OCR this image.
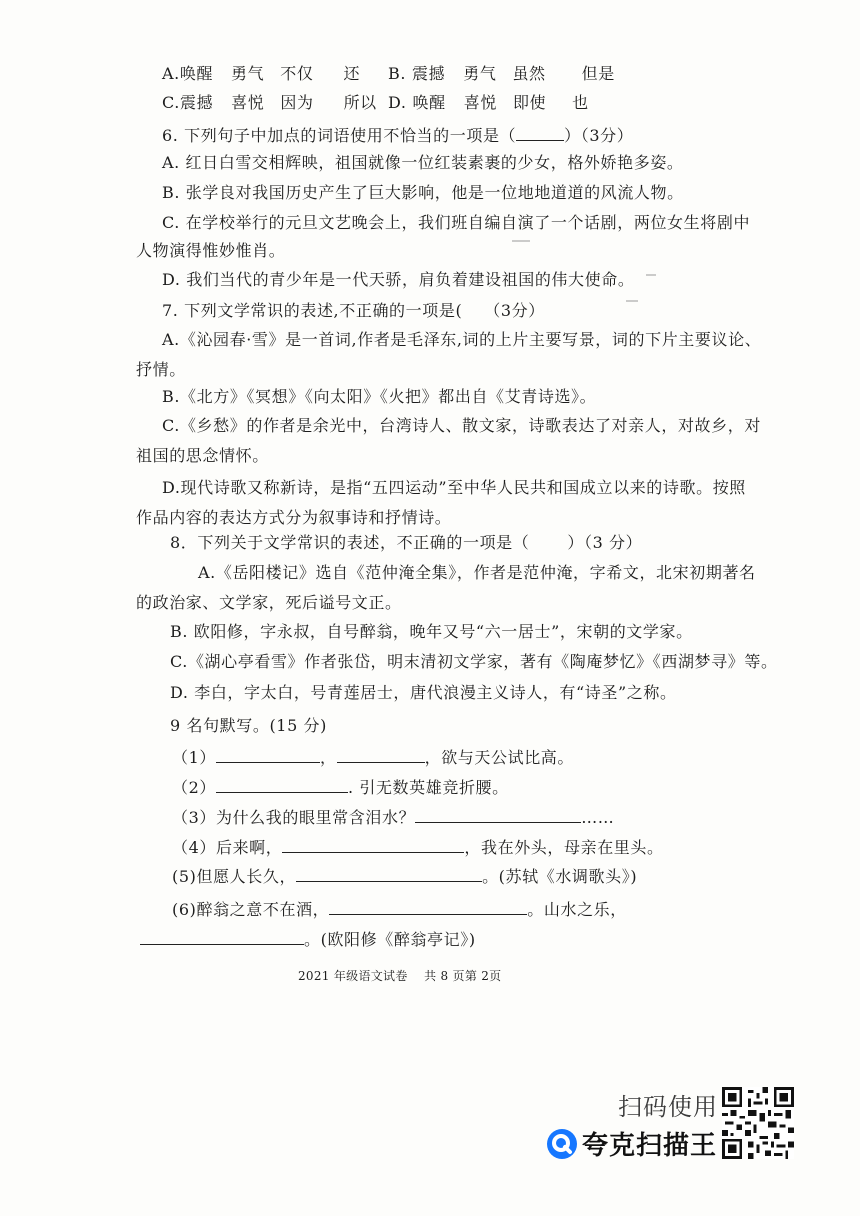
A.唤醒 勇气 不仅 还 B. 震撼 勇气 虽然 但是
C.震撼 喜悦 因为 所以 D. 唤醒 喜悦 即使 也
6. 下列句子中加点的词语使用不恰当的一项是（	）（3分）
A. 红日白雪交相辉映，祖国就像一位红装素裹的少女，格外娇艳多姿。
B. 张学良对我国历史产生了巨大影响，他是一位地地道道的风流人物。
C. 在学校举行的元旦文艺晚会上，我们班自编自演了一个话剧，两位女生将剧中
人物演得惟妙惟肖。
D. 我们当代的青少年是一代天骄，肩负着建设祖国的伟大使命。
7. 下列文学常识的表述,不正确的一项是( （3分）
A.《沁园春·雪》是一首词,作者是毛泽东,词的上片主要写景，词的下片主要议论、
抒情。
B.《北方》《冥想》《向太阳》《火把》都出自《艾青诗选》。
C.《乡愁》的作者是余光中，台湾诗人、散文家，诗歌表达了对亲人，对故乡，对
祖国的思念情怀。
D.现代诗歌又称新诗，是指“五四运动”至中华人民共和国成立以来的诗歌。按照
作品内容的表达方式分为叙事诗和抒情诗。
8．下列关于文学常识的表述，不正确的一项是（ ）（3 分）
A.《岳阳楼记》选自《范仲淹全集》，作者是范仲淹，字希文，北宋初期著名
的政治家、文学家，死后谥号文正。
B. 欧阳修，字永叔，自号醉翁，晚年又号“六一居士”，宋朝的文学家。
C.《湖心亭看雪》作者张岱，明末清初文学家，著有《陶庵梦忆》《西湖梦寻》等。
D. 李白，字太白，号青莲居士，唐代浪漫主义诗人，有“诗圣”之称。
9 名句默写。(15 分)
（1）	，	，欲与天公试比高。
（2）	. 引无数英雄竞折腰。
（3）为什么我的眼里常含泪水？	……
（4）后来啊，	，我在外头，母亲在里头。
(5)但愿人长久，	。(苏轼《水调歌头》)
(6)醉翁之意不在酒，	。山水之乐，
。(欧阳修《醉翁亭记》)
2021 年级语文试卷　 共 8 页第 2页
扫码使用
夸克扫描王
